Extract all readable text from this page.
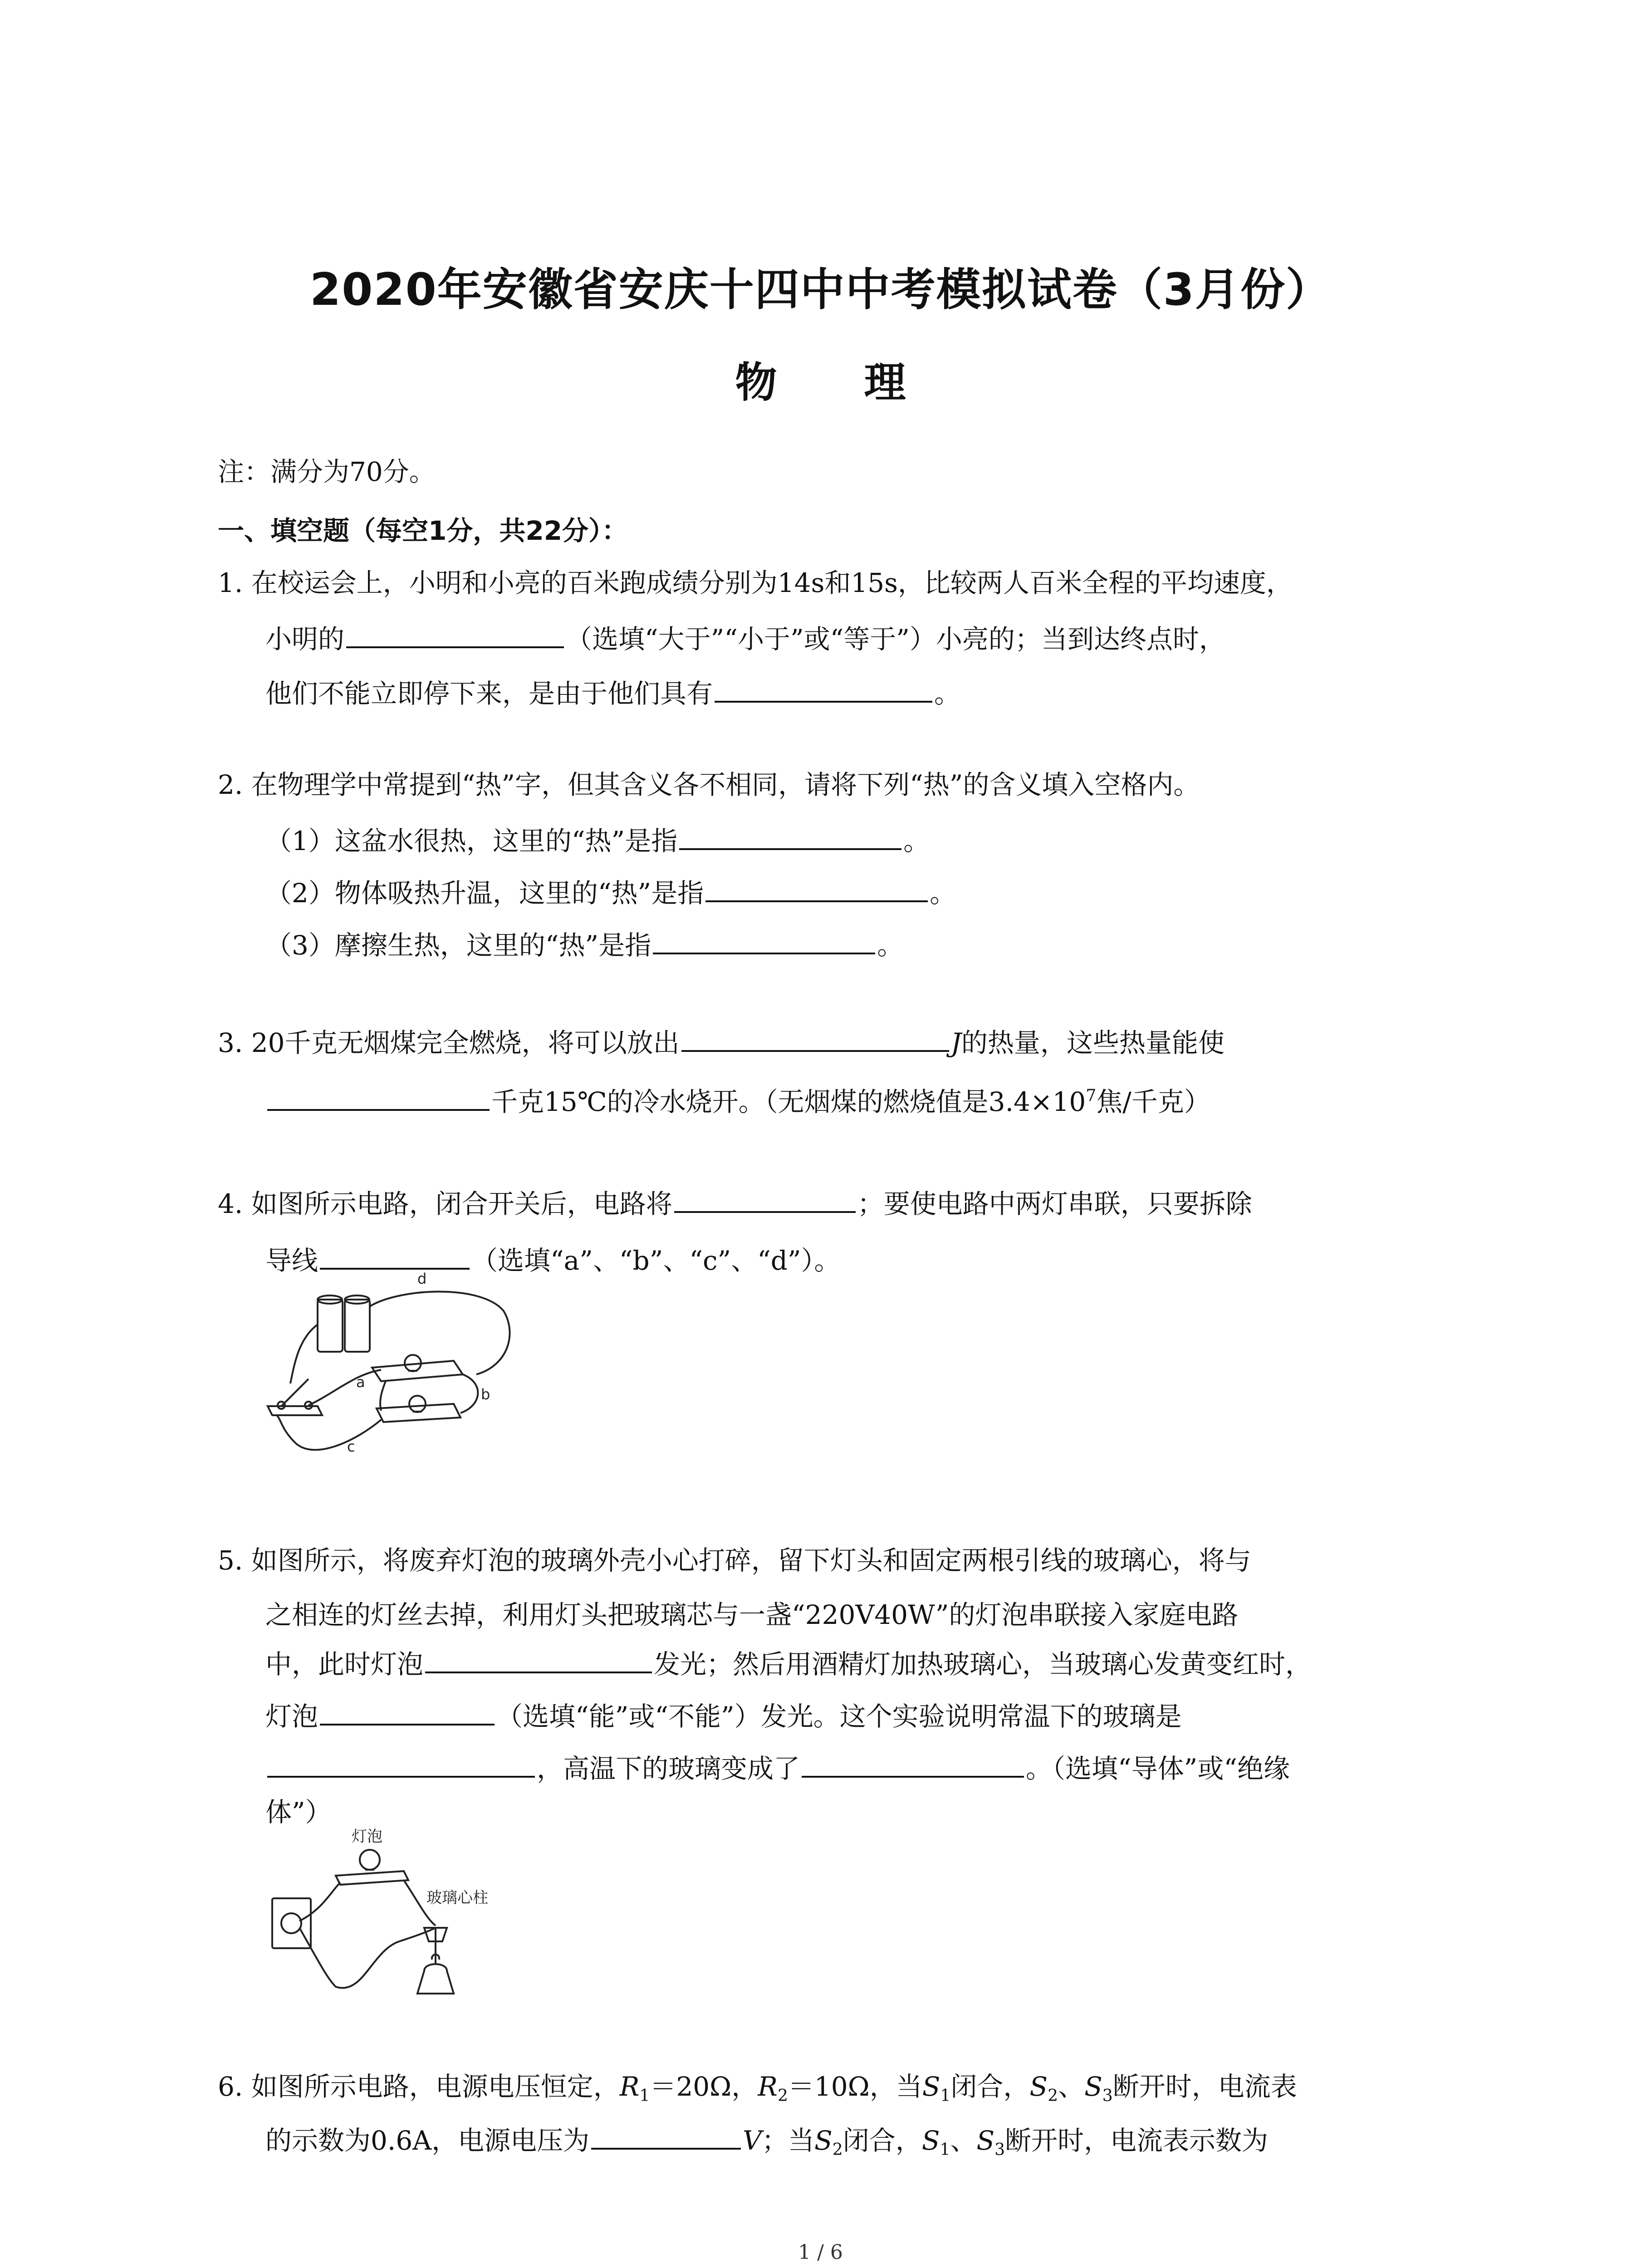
2020年安徽省安庆十四中中考模拟试卷（3月份）
物 理
注：满分为70分。
一、填空题（每空1分，共22分）：
1. 在校运会上，小明和小亮的百米跑成绩分别为14s和15s，比较两人百米全程的平均速度，
小明的	（选填“大于”“小于”或“等于”）小亮的；当到达终点时，
他们不能立即停下来，是由于他们具有	。
2. 在物理学中常提到“热”字，但其含义各不相同，请将下列“热”的含义填入空格内。
（1）这盆水很热，这里的“热”是指	。
（2）物体吸热升温，这里的“热”是指	。
（3）摩擦生热，这里的“热”是指	。
3. 20千克无烟煤完全燃烧，将可以放出	J的热量，这些热量能使
千克15℃的冷水烧开。（无烟煤的燃烧值是$3.4\times 10^7$焦/千克）
4. 如图所示电路，闭合开关后，电路将	；要使电路中两灯串联，只要拆除
导线	（选填“a”、“b”、“c”、“d”）。
d
a
b
c
5. 如图所示，将废弃灯泡的玻璃外壳小心打碎，留下灯头和固定两根引线的玻璃心，将与
之相连的灯丝去掉，利用灯头把玻璃芯与一盏“220V40W”的灯泡串联接入家庭电路
中，此时灯泡	发光；然后用酒精灯加热玻璃心，当玻璃心发黄变红时，
灯泡	（选填“能”或“不能”）发光。这个实验说明常温下的玻璃是
，高温下的玻璃变成了	。（选填“导体”或“绝缘
体”）
灯泡
玻璃心柱
6. 如图所示电路，电源电压恒定，$R_1=20\Omega$，$R_2=10\Omega$，当$S_1$闭合，$S_2$、$S_3$断开时，电流表
的示数为0.6A，电源电压为	V；当$S_2$闭合，$S_1$、$S_3$断开时，电流表示数为
1 / 6
